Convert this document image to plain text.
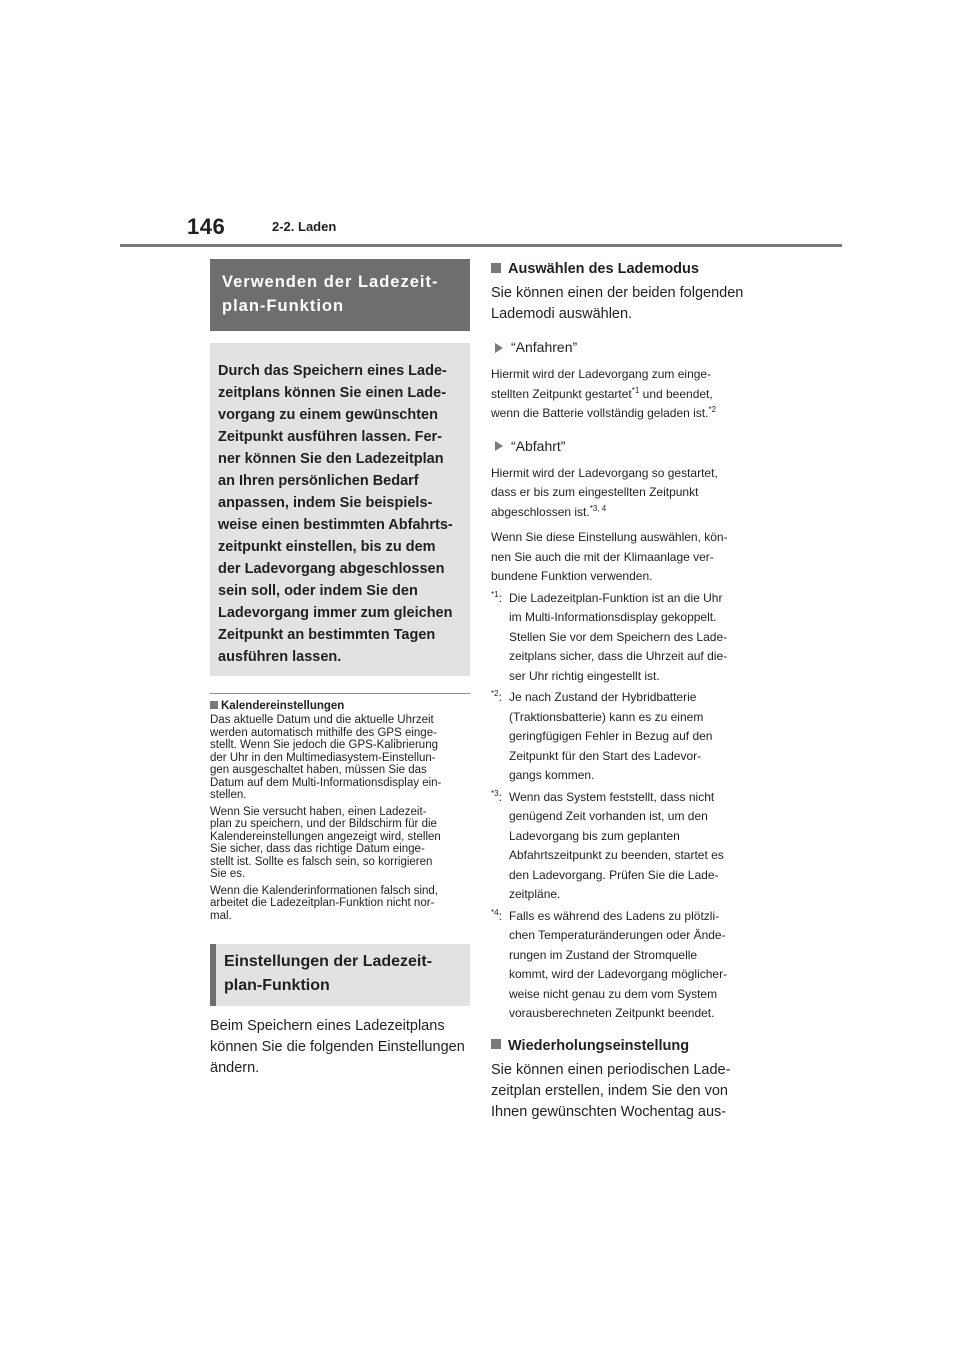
146	2-2. Laden
Verwenden der Ladezeit-
plan-Funktion

Durch das Speichern eines Lade-

zeitplans können Sie einen Lade-

vorgang zu einem gewünschten

Zeitpunkt ausführen lassen. Fer-

ner können Sie den Ladezeitplan

an Ihren persönlichen Bedarf

anpassen, indem Sie beispiels-

weise einen bestimmten Abfahrts-

zeitpunkt einstellen, bis zu dem

der Ladevorgang abgeschlossen

sein soll, oder indem Sie den

Ladevorgang immer zum gleichen

Zeitpunkt an bestimmten Tagen

ausführen lassen.

Kalendereinstellungen

Das aktuelle Datum und die aktuelle Uhrzeit
werden automatisch mithilfe des GPS einge-
stellt. Wenn Sie jedoch die GPS-Kalibrierung
der Uhr in den Multimediasystem-Einstellun-
gen ausgeschaltet haben, müssen Sie das
Datum auf dem Multi-Informationsdisplay ein-
stellen.

Wenn Sie versucht haben, einen Ladezeit-
plan zu speichern, und der Bildschirm für die
Kalendereinstellungen angezeigt wird, stellen
Sie sicher, dass das richtige Datum einge-
stellt ist. Sollte es falsch sein, so korrigieren
Sie es.

Wenn die Kalenderinformationen falsch sind,
arbeitet die Ladezeitplan-Funktion nicht nor-
mal.

Einstellungen der Ladezeit-
plan-Funktion

Beim Speichern eines Ladezeitplans
können Sie die folgenden Einstellungen
ändern.

Auswählen des Lademodus

Sie können einen der beiden folgenden
Lademodi auswählen.

“Anfahren”

Hiermit wird der Ladevorgang zum einge-
stellten Zeitpunkt gestartet$^{*1}$ und beendet,
wenn die Batterie vollständig geladen ist.$^{*2}$

“Abfahrt”

Hiermit wird der Ladevorgang so gestartet,
dass er bis zum eingestellten Zeitpunkt
abgeschlossen ist.$^{*3, 4}$

Wenn Sie diese Einstellung auswählen, kön-
nen Sie auch die mit der Klimaanlage ver-
bundene Funktion verwenden.

$^{*1}$: Die Ladezeitplan-Funktion ist an die Uhr
im Multi-Informationsdisplay gekoppelt.
Stellen Sie vor dem Speichern des Lade-
zeitplans sicher, dass die Uhrzeit auf die-
ser Uhr richtig eingestellt ist.
$^{*2}$: Je nach Zustand der Hybridbatterie
(Traktionsbatterie) kann es zu einem
geringfügigen Fehler in Bezug auf den
Zeitpunkt für den Start des Ladevor-
gangs kommen.
$^{*3}$: Wenn das System feststellt, dass nicht
genügend Zeit vorhanden ist, um den
Ladevorgang bis zum geplanten
Abfahrtszeitpunkt zu beenden, startet es
den Ladevorgang. Prüfen Sie die Lade-
zeitpläne.
$^{*4}$: Falls es während des Ladens zu plötzli-
chen Temperaturänderungen oder Ände-
rungen im Zustand der Stromquelle
kommt, wird der Ladevorgang möglicher-
weise nicht genau zu dem vom System
vorausberechneten Zeitpunkt beendet.
Wiederholungseinstellung

Sie können einen periodischen Lade-
zeitplan erstellen, indem Sie den von
Ihnen gewünschten Wochentag aus-
